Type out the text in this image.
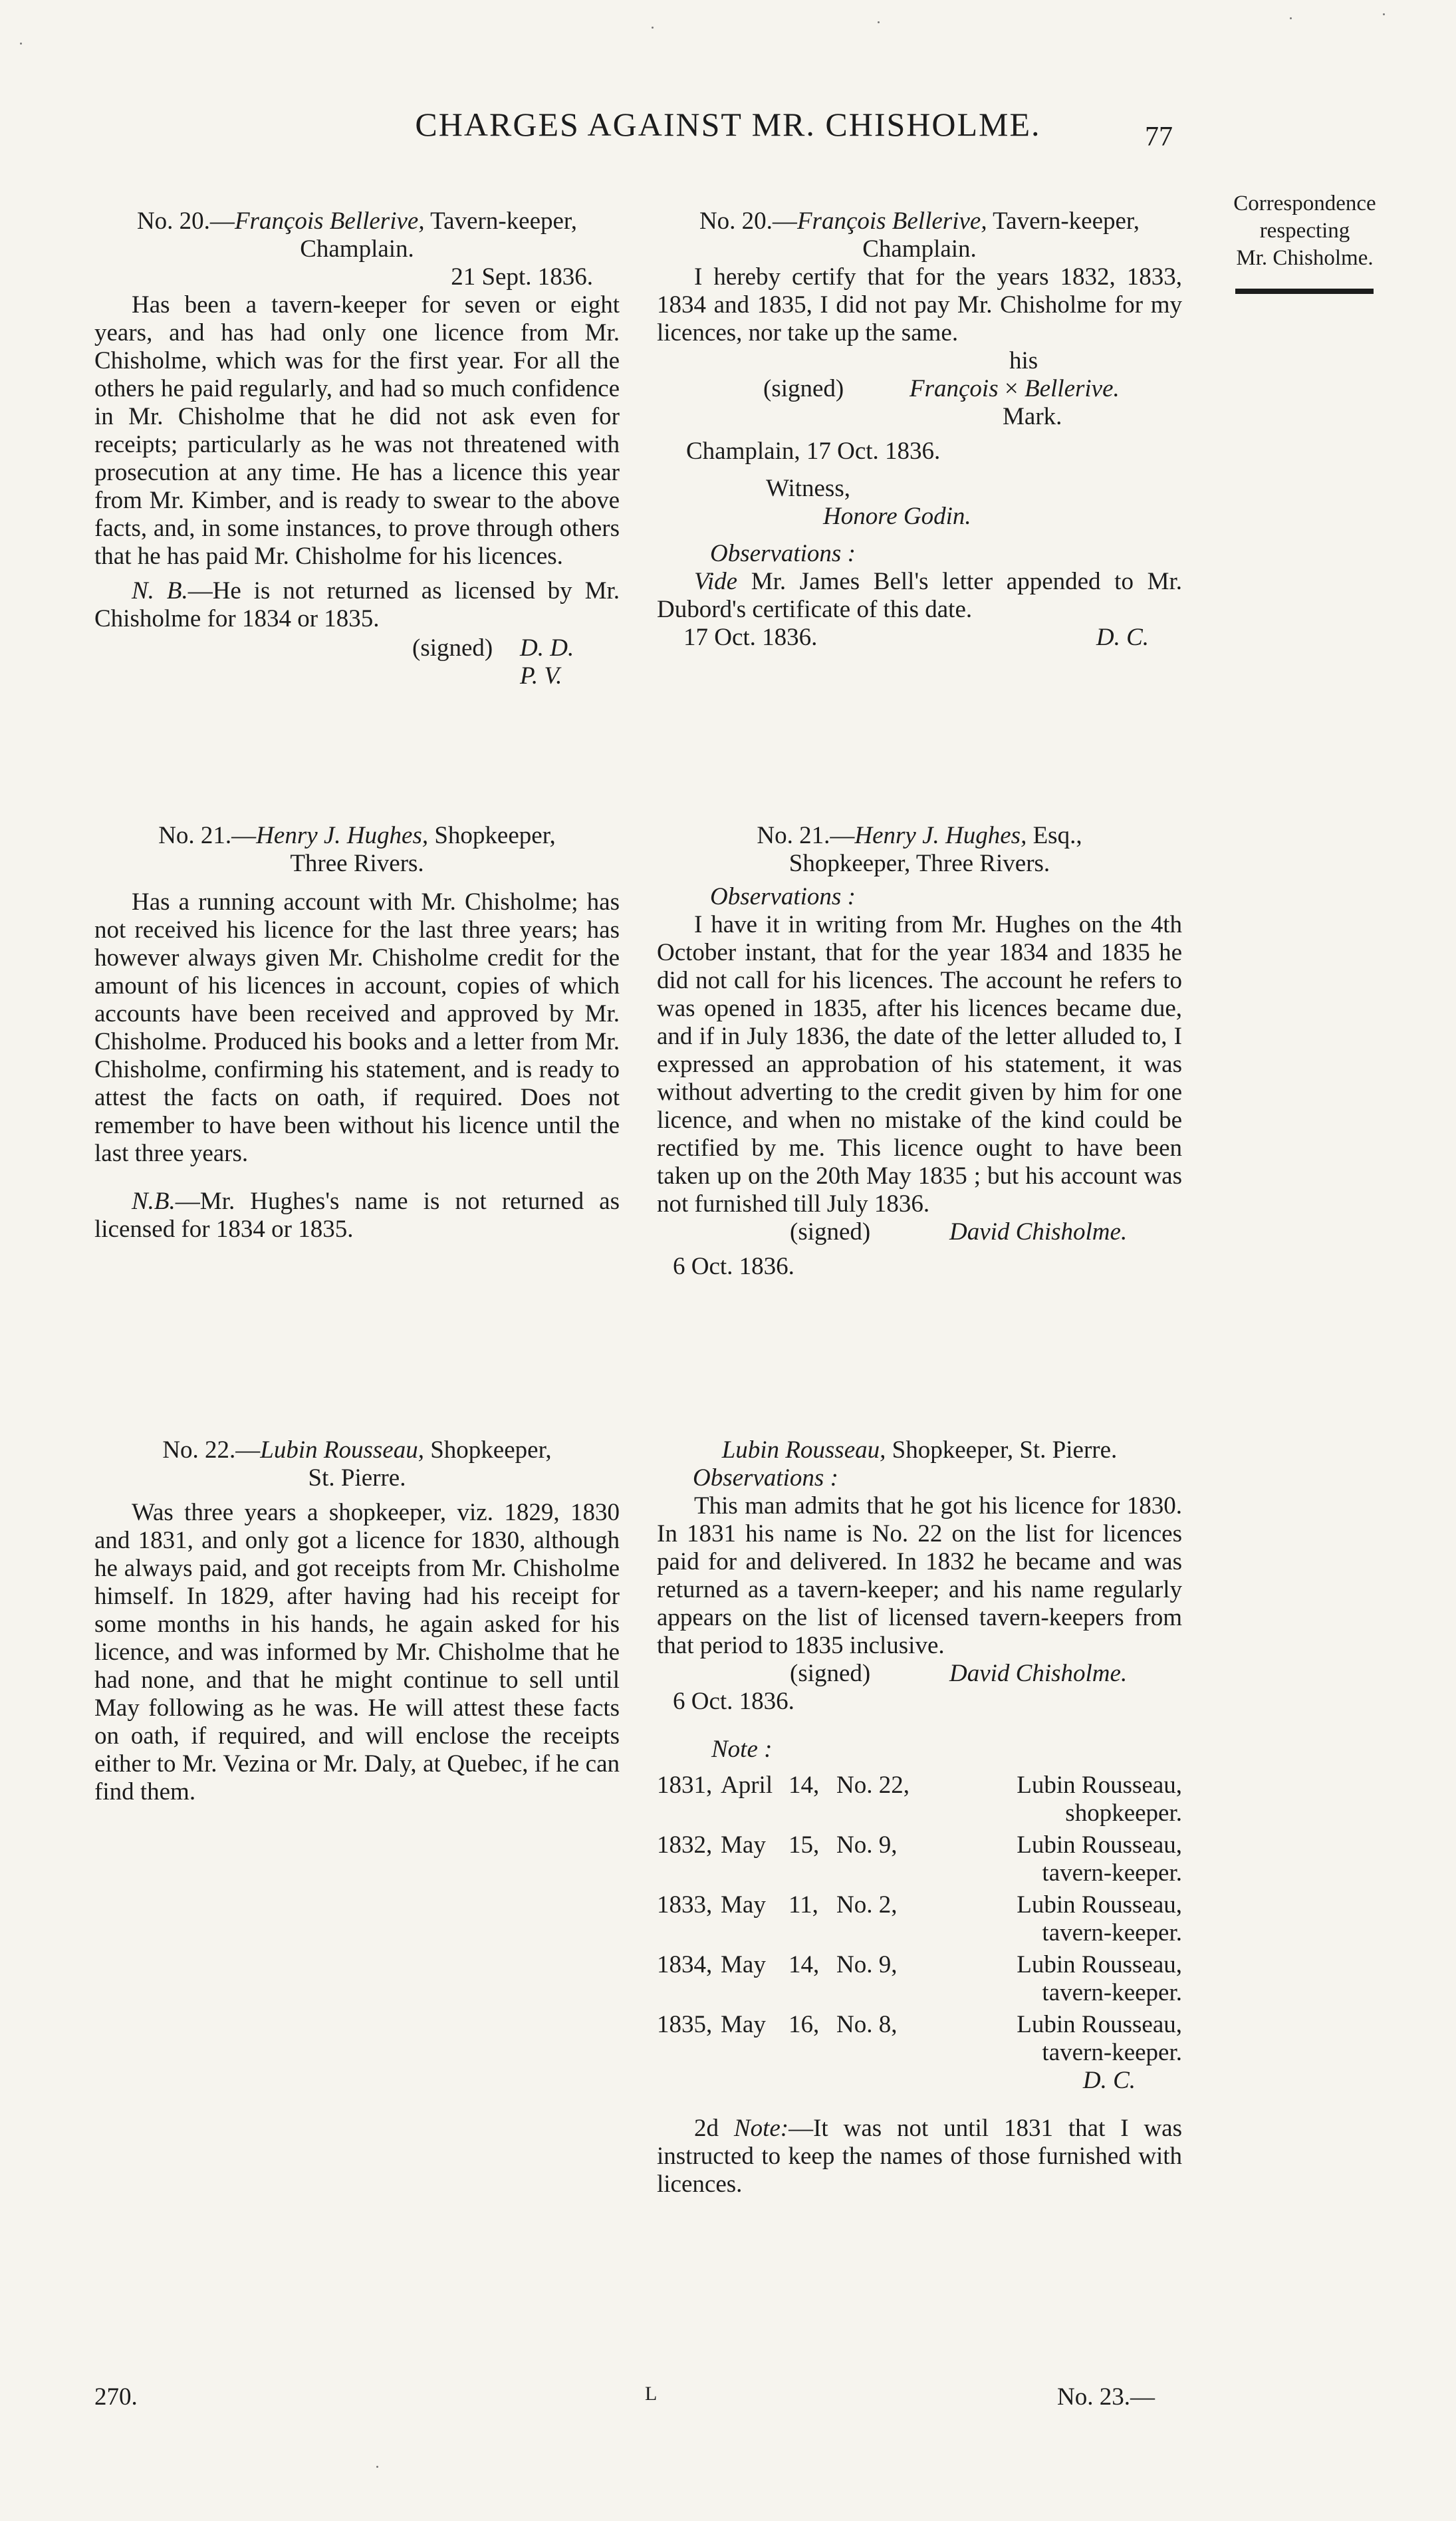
CHARGES AGAINST MR. CHISHOLME.	77
Correspondence
respecting
Mr. Chisholme.

No. 20.—François Bellerive, Tavern-keeper,

Champlain.

21 Sept. 1836.

Has been a tavern-keeper for seven or eight years, and has had only one licence from Mr. Chisholme, which was for the first year. For all the others he paid regularly, and had so much confidence in Mr. Chisholme that he did not ask even for receipts; particularly as he was not threatened with prosecution at any time. He has a licence this year from Mr. Kimber, and is ready to swear to the above facts, and, in some instances, to prove through others that he has paid Mr. Chisholme for his licences.

N. B.—He is not returned as licensed by Mr. Chisholme for 1834 or 1835.

(signed) D. D.
P. V.

No. 20.—François Bellerive, Tavern-keeper,

Champlain.

I hereby certify that for the years 1832, 1833, 1834 and 1835, I did not pay Mr. Chisholme for my licences, nor take up the same.

his
(signed)	François × Bellerive.
Mark.

Champlain, 17 Oct. 1836.

Witness,

Honore Godin.

Observations :

Vide Mr. James Bell's letter appended to Mr. Dubord's certificate of this date.

17 Oct. 1836.	D. C.

No. 21.—Henry J. Hughes, Shopkeeper,

Three Rivers.

Has a running account with Mr. Chisholme; has not received his licence for the last three years; has however always given Mr. Chisholme credit for the amount of his licences in account, copies of which accounts have been received and approved by Mr. Chisholme. Produced his books and a letter from Mr. Chisholme, confirming his statement, and is ready to attest the facts on oath, if required. Does not remember to have been without his licence until the last three years.

N.B.—Mr. Hughes's name is not returned as licensed for 1834 or 1835.

No. 21.—Henry J. Hughes, Esq.,

Shopkeeper, Three Rivers.

Observations :

I have it in writing from Mr. Hughes on the 4th October instant, that for the year 1834 and 1835 he did not call for his licences. The account he refers to was opened in 1835, after his licences became due, and if in July 1836, the date of the letter alluded to, I expressed an approbation of his statement, it was without adverting to the credit given by him for one licence, and when no mistake of the kind could be rectified by me. This licence ought to have been taken up on the 20th May 1835 ; but his account was not furnished till July 1836.

(signed)	David Chisholme.

6 Oct. 1836.

No. 22.—Lubin Rousseau, Shopkeeper,

St. Pierre.

Was three years a shopkeeper, viz. 1829, 1830 and 1831, and only got a licence for 1830, although he always paid, and got receipts from Mr. Chisholme himself. In 1829, after having had his receipt for some months in his hands, he again asked for his licence, and was informed by Mr. Chisholme that he had none, and that he might continue to sell until May following as he was. He will attest these facts on oath, if required, and will enclose the receipts either to Mr. Vezina or Mr. Daly, at Quebec, if he can find them.

Lubin Rousseau, Shopkeeper, St. Pierre.

Observations :

This man admits that he got his licence for 1830. In 1831 his name is No. 22 on the list for licences paid for and delivered. In 1832 he became and was returned as a tavern-keeper; and his name regularly appears on the list of licensed tavern-keepers from that period to 1835 inclusive.

(signed)	David Chisholme.

6 Oct. 1836.

Note :

1831, April 14, No. 22,	Lubin Rousseau,
shopkeeper.
1832, May 15, No. 9,	Lubin Rousseau,
tavern-keeper.
1833, May 11, No. 2,	Lubin Rousseau,
tavern-keeper.
1834, May 14, No. 9,	Lubin Rousseau,
tavern-keeper.
1835, May 16, No. 8,	Lubin Rousseau,
tavern-keeper.

D. C.

2d Note:—It was not until 1831 that I was instructed to keep the names of those furnished with licences.

270.	L	No. 23.—
